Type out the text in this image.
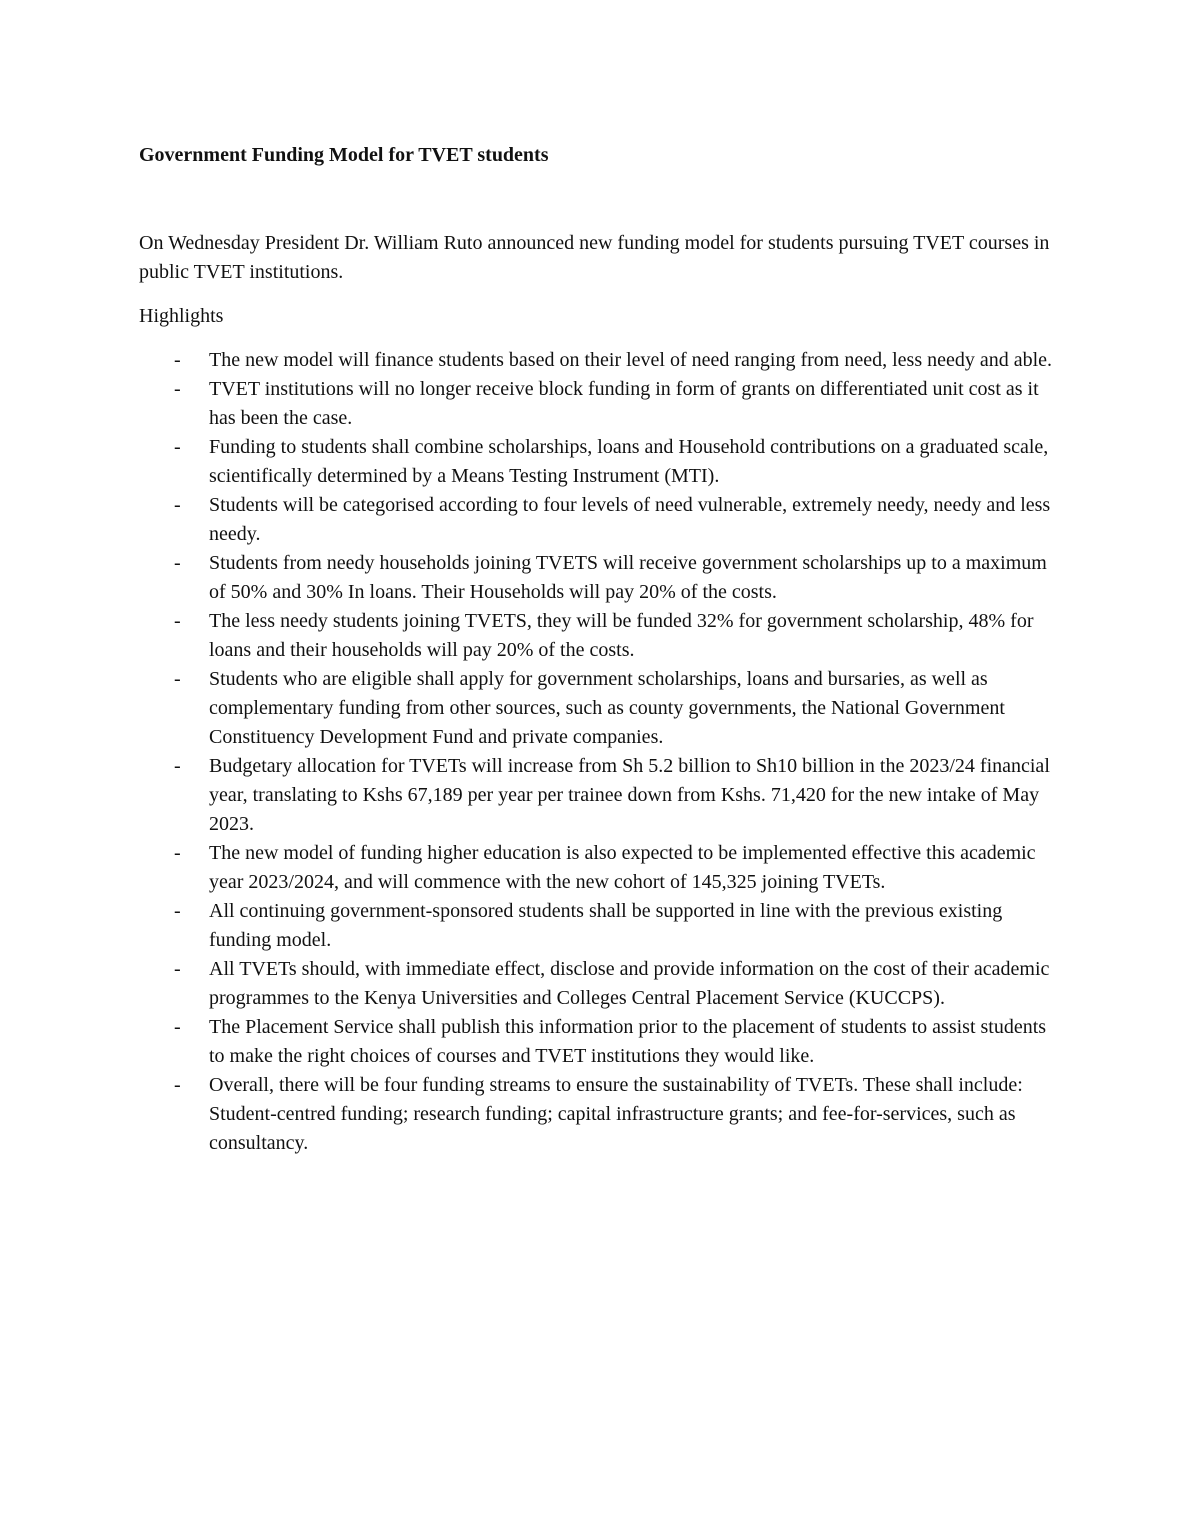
Government Funding Model for TVET students

On Wednesday President Dr. William Ruto announced new funding model for students pursuing TVET courses in public TVET institutions.

Highlights

- The new model will finance students based on their level of need ranging from need, less needy and able.
- TVET institutions will no longer receive block funding in form of grants on differentiated unit cost as it has been the case.
- Funding to students shall combine scholarships, loans and Household contributions on a graduated scale, scientifically determined by a Means Testing Instrument (MTI).
- Students will be categorised according to four levels of need vulnerable, extremely needy, needy and less needy.
- Students from needy households joining TVETS will receive government scholarships up to a maximum of 50% and 30% In loans. Their Households will pay 20% of the costs.
- The less needy students joining TVETS, they will be funded 32% for government scholarship, 48% for loans and their households will pay 20% of the costs.
- Students who are eligible shall apply for government scholarships, loans and bursaries, as well as complementary funding from other sources, such as county governments, the National Government Constituency Development Fund and private companies.
- Budgetary allocation for TVETs will increase from Sh 5.2 billion to Sh10 billion in the 2023/24 financial year, translating to Kshs 67,189 per year per trainee down from Kshs. 71,420 for the new intake of May 2023.
- The new model of funding higher education is also expected to be implemented effective this academic year 2023/2024, and will commence with the new cohort of 145,325 joining TVETs.
- All continuing government-sponsored students shall be supported in line with the previous existing funding model.
- All TVETs should, with immediate effect, disclose and provide information on the cost of their academic programmes to the Kenya Universities and Colleges Central Placement Service (KUCCPS).
- The Placement Service shall publish this information prior to the placement of students to assist students to make the right choices of courses and TVET institutions they would like.
- Overall, there will be four funding streams to ensure the sustainability of TVETs. These shall include: Student-centred funding; research funding; capital infrastructure grants; and fee-for-services, such as consultancy.
